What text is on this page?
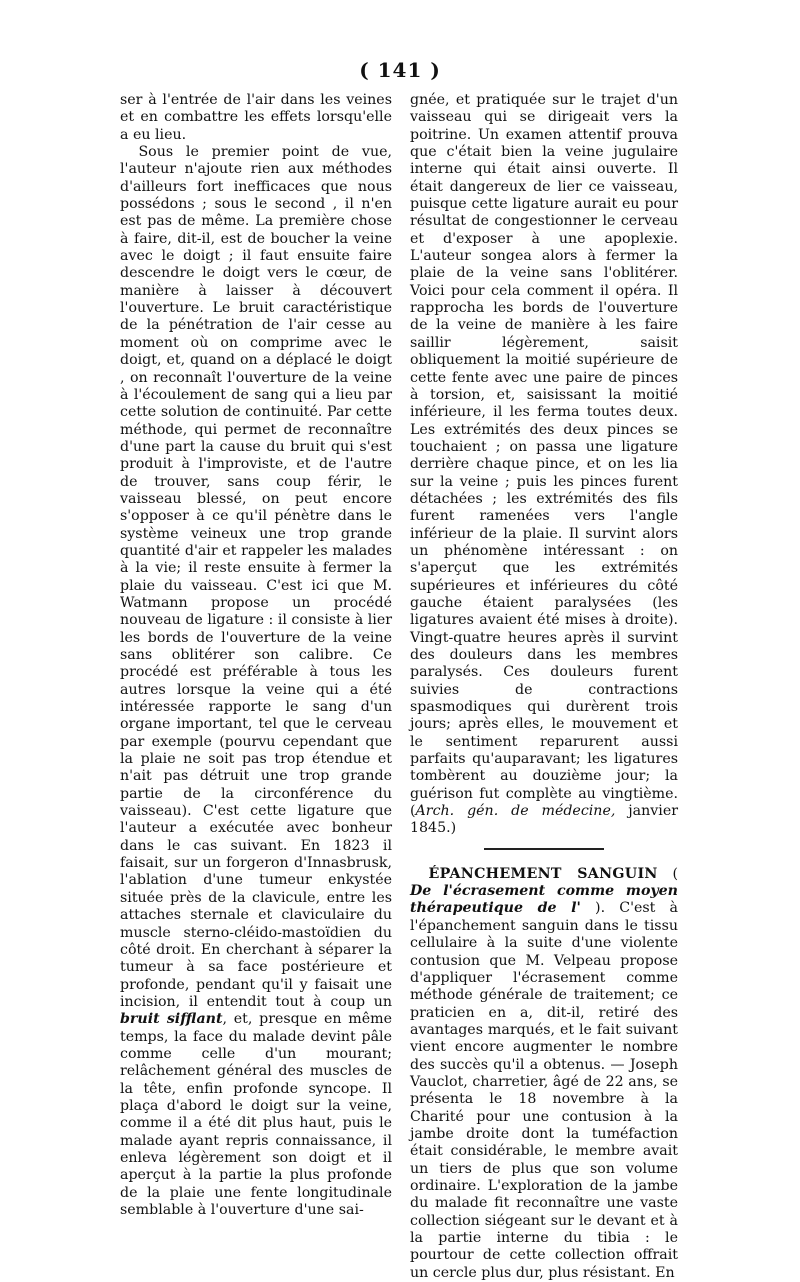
( 141 )

ser à l'entrée de l'air dans les veines et en combattre les effets lorsqu'elle a eu lieu.

Sous le premier point de vue, l'auteur n'ajoute rien aux méthodes d'ailleurs fort inefficaces que nous possédons ; sous le second , il n'en est pas de même. La première chose à faire, dit-il, est de boucher la veine avec le doigt ; il faut ensuite faire descendre le doigt vers le cœur, de manière à laisser à découvert l'ouverture. Le bruit caractéristique de la pénétration de l'air cesse au moment où on comprime avec le doigt, et, quand on a déplacé le doigt , on reconnaît l'ouverture de la veine à l'écoulement de sang qui a lieu par cette solution de continuité. Par cette méthode, qui permet de reconnaître d'une part la cause du bruit qui s'est produit à l'improviste, et de l'autre de trouver, sans coup férir, le vaisseau blessé, on peut encore s'opposer à ce qu'il pénètre dans le système veineux une trop grande quantité d'air et rappeler les malades à la vie; il reste ensuite à fermer la plaie du vaisseau. C'est ici que M. Watmann propose un procédé nouveau de ligature : il consiste à lier les bords de l'ouverture de la veine sans oblitérer son calibre. Ce procédé est préférable à tous les autres lorsque la veine qui a été intéressée rapporte le sang d'un organe important, tel que le cerveau par exemple (pourvu cependant que la plaie ne soit pas trop étendue et n'ait pas détruit une trop grande partie de la circonférence du vaisseau). C'est cette ligature que l'auteur a exécutée avec bonheur dans le cas suivant. En 1823 il faisait, sur un forgeron d'Innasbrusk, l'ablation d'une tumeur enkystée située près de la clavicule, entre les attaches sternale et claviculaire du muscle sterno-cléido-mastoïdien du côté droit. En cherchant à séparer la tumeur à sa face postérieure et profonde, pendant qu'il y faisait une incision, il entendit tout à coup un bruit sifflant, et, presque en même temps, la face du malade devint pâle comme celle d'un mourant; relâchement général des muscles de la tête, enfin profonde syncope. Il plaça d'abord le doigt sur la veine, comme il a été dit plus haut, puis le malade ayant repris connaissance, il enleva légèrement son doigt et il aperçut à la partie la plus profonde de la plaie une fente longitudinale semblable à l'ouverture d'une sai-

gnée, et pratiquée sur le trajet d'un vaisseau qui se dirigeait vers la poitrine. Un examen attentif prouva que c'était bien la veine jugulaire interne qui était ainsi ouverte. Il était dangereux de lier ce vaisseau, puisque cette ligature aurait eu pour résultat de congestionner le cerveau et d'exposer à une apoplexie. L'auteur songea alors à fermer la plaie de la veine sans l'oblitérer. Voici pour cela comment il opéra. Il rapprocha les bords de l'ouverture de la veine de manière à les faire saillir légèrement, saisit obliquement la moitié supérieure de cette fente avec une paire de pinces à torsion, et, saisissant la moitié inférieure, il les ferma toutes deux. Les extrémités des deux pinces se touchaient ; on passa une ligature derrière chaque pince, et on les lia sur la veine ; puis les pinces furent détachées ; les extrémités des fils furent ramenées vers l'angle inférieur de la plaie. Il survint alors un phénomène intéressant : on s'aperçut que les extrémités supérieures et inférieures du côté gauche étaient paralysées (les ligatures avaient été mises à droite). Vingt-quatre heures après il survint des douleurs dans les membres paralysés. Ces douleurs furent suivies de contractions spasmodiques qui durèrent trois jours; après elles, le mouvement et le sentiment reparurent aussi parfaits qu'auparavant; les ligatures tombèrent au douzième jour; la guérison fut complète au vingtième. (Arch. gén. de médecine, janvier 1845.)

ÉPANCHEMENT SANGUIN ( De l'écrasement comme moyen thérapeutique de l' ). C'est à l'épanchement sanguin dans le tissu cellulaire à la suite d'une violente contusion que M. Velpeau propose d'appliquer l'écrasement comme méthode générale de traitement; ce praticien en a, dit-il, retiré des avantages marqués, et le fait suivant vient encore augmenter le nombre des succès qu'il a obtenus. — Joseph Vauclot, charretier, âgé de 22 ans, se présenta le 18 novembre à la Charité pour une contusion à la jambe droite dont la tuméfaction était considérable, le membre avait un tiers de plus que son volume ordinaire. L'exploration de la jambe du malade fit reconnaître une vaste collection siégeant sur le devant et à la partie interne du tibia : le pourtour de cette collection offrait un cercle plus dur, plus résistant. En
